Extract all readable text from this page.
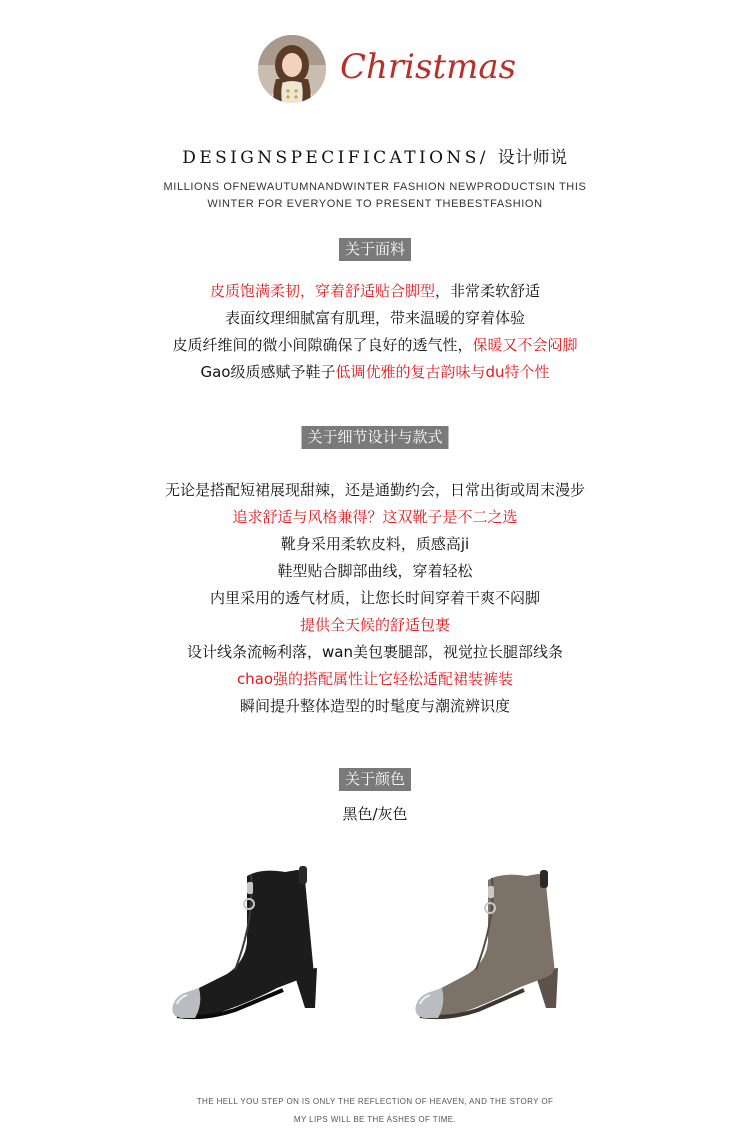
Christmas
DESIGNSPECIFICATIONS/ 设计师说
MILLIONS OFNEWAUTUMNANDWINTER FASHION NEWPRODUCTSIN THIS
WINTER FOR EVERYONE TO PRESENT THEBESTFASHION
关于面料
皮质饱满柔韧，穿着舒适贴合脚型，非常柔软舒适
表面纹理细腻富有肌理，带来温暖的穿着体验
皮质纤维间的微小间隙确保了良好的透气性，保暖又不会闷脚
Gao级质感赋予鞋子低调优雅的复古韵味与du特个性
关于细节设计与款式
无论是搭配短裙展现甜辣，还是通勤约会，日常出街或周末漫步
追求舒适与风格兼得？这双靴子是不二之选
靴身采用柔软皮料，质感高ji
鞋型贴合脚部曲线，穿着轻松
内里采用的透气材质，让您长时间穿着干爽不闷脚
提供全天候的舒适包裹
设计线条流畅利落，wan美包裹腿部，视觉拉长腿部线条
chao强的搭配属性让它轻松适配裙装裤装
瞬间提升整体造型的时髦度与潮流辨识度
关于颜色
黑色/灰色
THE HELL YOU STEP ON IS ONLY THE REFLECTION OF HEAVEN, AND THE STORY OF
MY LIPS WILL BE THE ASHES OF TIME.
